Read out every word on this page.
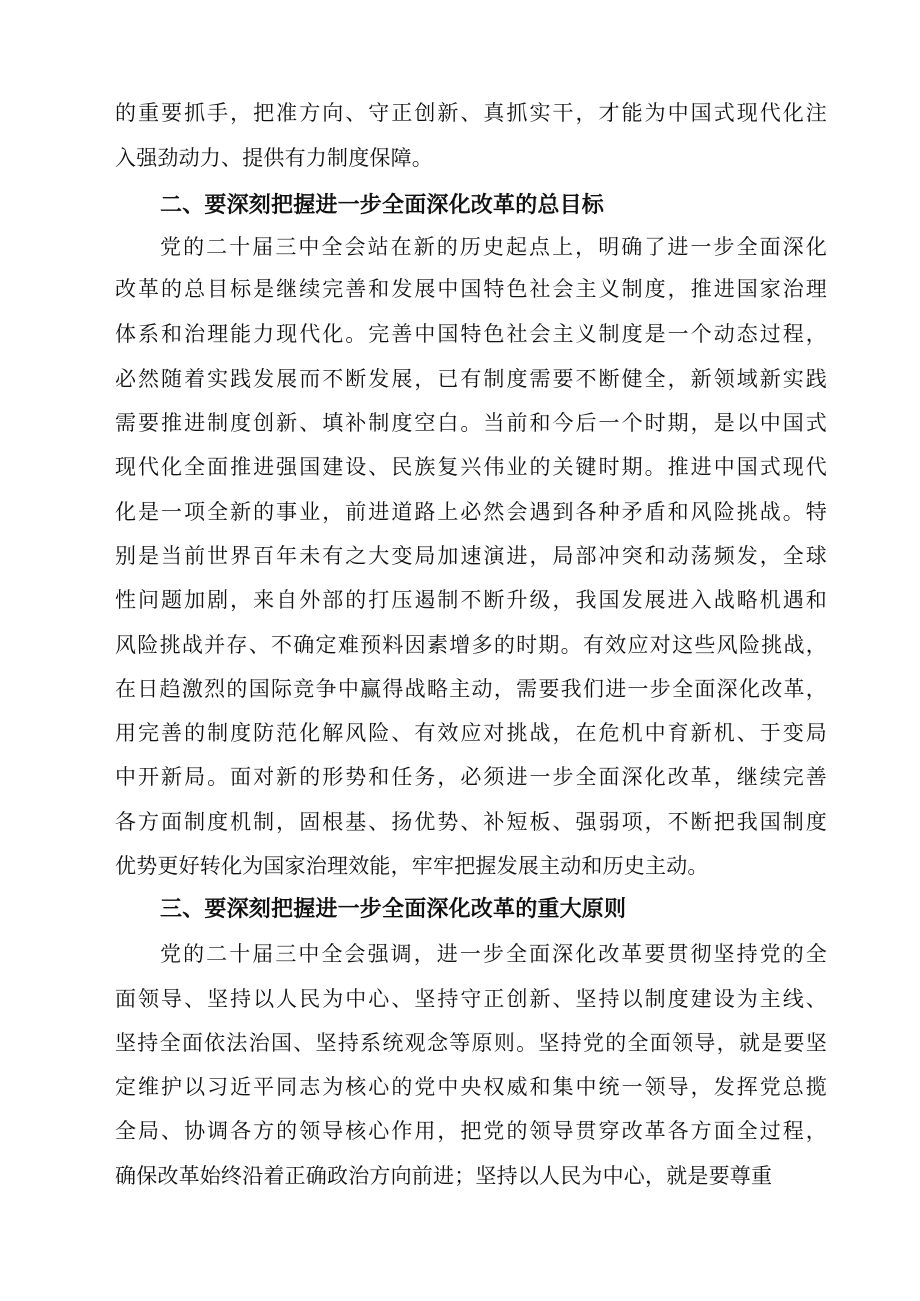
的重要抓手，把准方向、守正创新、真抓实干，才能为中国式现代化注
入强劲动力、提供有力制度保障。
二、要深刻把握进一步全面深化改革的总目标
党的二十届三中全会站在新的历史起点上，明确了进一步全面深化
改革的总目标是继续完善和发展中国特色社会主义制度，推进国家治理
体系和治理能力现代化。完善中国特色社会主义制度是一个动态过程，
必然随着实践发展而不断发展，已有制度需要不断健全，新领域新实践
需要推进制度创新、填补制度空白。当前和今后一个时期，是以中国式
现代化全面推进强国建设、民族复兴伟业的关键时期。推进中国式现代
化是一项全新的事业，前进道路上必然会遇到各种矛盾和风险挑战。特
别是当前世界百年未有之大变局加速演进，局部冲突和动荡频发，全球
性问题加剧，来自外部的打压遏制不断升级，我国发展进入战略机遇和
风险挑战并存、不确定难预料因素增多的时期。有效应对这些风险挑战，
在日趋激烈的国际竞争中赢得战略主动，需要我们进一步全面深化改革，
用完善的制度防范化解风险、有效应对挑战，在危机中育新机、于变局
中开新局。面对新的形势和任务，必须进一步全面深化改革，继续完善
各方面制度机制，固根基、扬优势、补短板、强弱项，不断把我国制度
优势更好转化为国家治理效能，牢牢把握发展主动和历史主动。
三、要深刻把握进一步全面深化改革的重大原则
党的二十届三中全会强调，进一步全面深化改革要贯彻坚持党的全
面领导、坚持以人民为中心、坚持守正创新、坚持以制度建设为主线、
坚持全面依法治国、坚持系统观念等原则。坚持党的全面领导，就是要坚
定维护以习近平同志为核心的党中央权威和集中统一领导，发挥党总揽
全局、协调各方的领导核心作用，把党的领导贯穿改革各方面全过程，
确保改革始终沿着正确政治方向前进；坚持以人民为中心，就是要尊重
